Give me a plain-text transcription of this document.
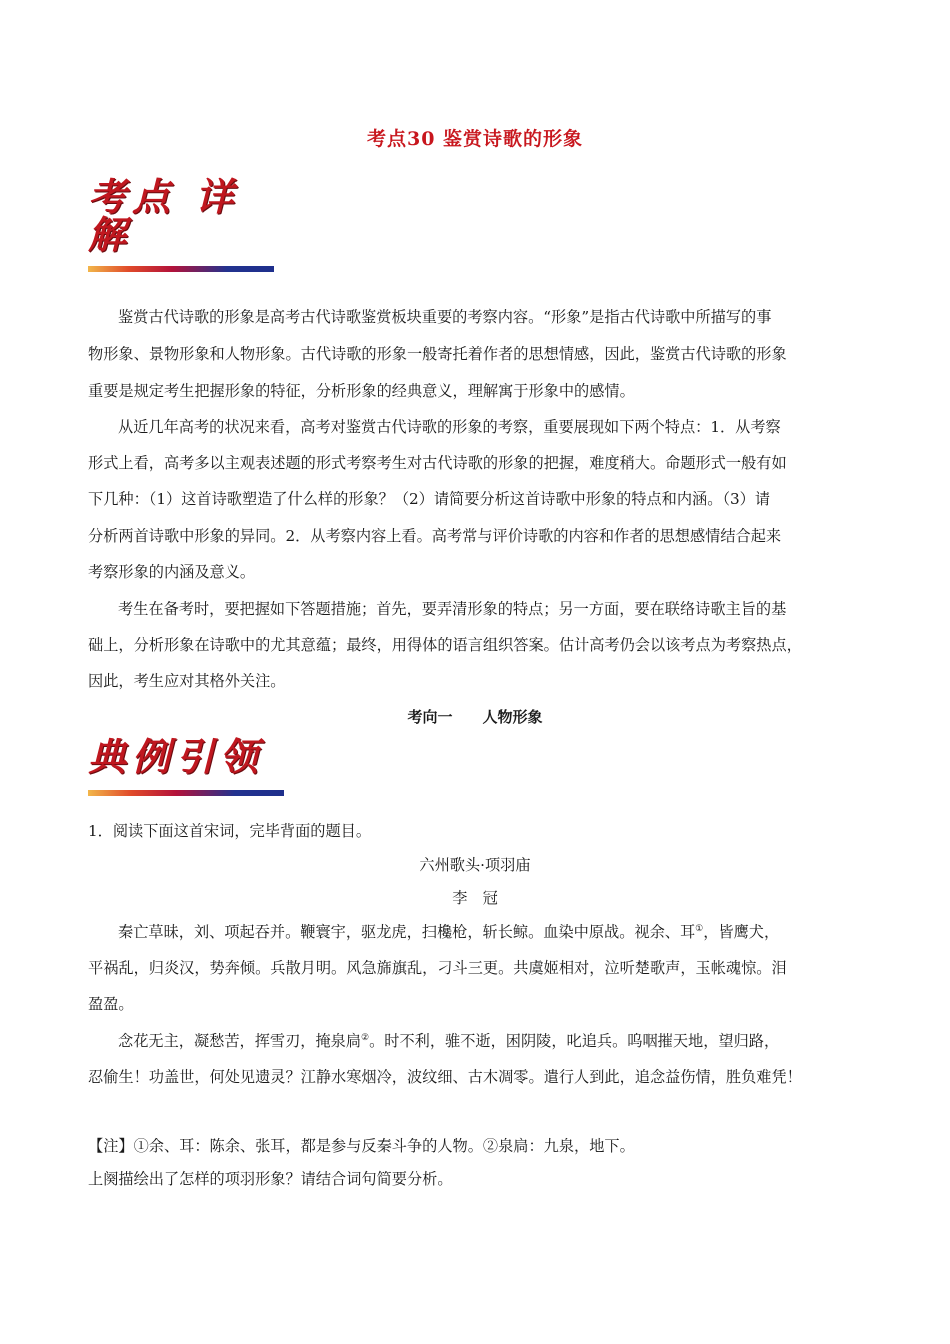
考点30 鉴赏诗歌的形象
考点 详解
鉴赏古代诗歌的形象是高考古代诗歌鉴赏板块重要的考察内容。“形象”是指古代诗歌中所描写的事
物形象、景物形象和人物形象。古代诗歌的形象一般寄托着作者的思想情感，因此，鉴赏古代诗歌的形象
重要是规定考生把握形象的特征，分析形象的经典意义，理解寓于形象中的感情。
从近几年高考的状况来看，高考对鉴赏古代诗歌的形象的考察，重要展现如下两个特点：1．从考察
形式上看，高考多以主观表述题的形式考察考生对古代诗歌的形象的把握，难度稍大。命题形式一般有如
下几种：（1）这首诗歌塑造了什么样的形象？（2）请简要分析这首诗歌中形象的特点和内涵。（3）请
分析两首诗歌中形象的异同。2．从考察内容上看。高考常与评价诗歌的内容和作者的思想感情结合起来
考察形象的内涵及意义。
考生在备考时，要把握如下答题措施；首先，要弄清形象的特点；另一方面，要在联络诗歌主旨的基
础上，分析形象在诗歌中的尤其意蕴；最终，用得体的语言组织答案。估计高考仍会以该考点为考察热点，
因此，考生应对其格外关注。
考向一　　人物形象
典例引领
1．阅读下面这首宋词，完毕背面的题目。
六州歌头·项羽庙
李　冠
秦亡草昧，刘、项起吞并。鞭寰宇，驱龙虎，扫欃枪，斩长鲸。血染中原战。视余、耳①，皆鹰犬，
平祸乱，归炎汉，势奔倾。兵散月明。风急旆旗乱，刁斗三更。共虞姬相对，泣听楚歌声，玉帐魂惊。泪
盈盈。
念花无主，凝愁苦，挥雪刃，掩泉扃②。时不利，骓不逝，困阴陵，叱追兵。呜咽摧天地，望归路，
忍偷生！功盖世，何处见遗灵？江静水寒烟冷，波纹细、古木凋零。遣行人到此，追念益伤情，胜负难凭！
【注】①余、耳：陈余、张耳，都是参与反秦斗争的人物。②泉扃：九泉，地下。
上阕描绘出了怎样的项羽形象？请结合词句简要分析。
